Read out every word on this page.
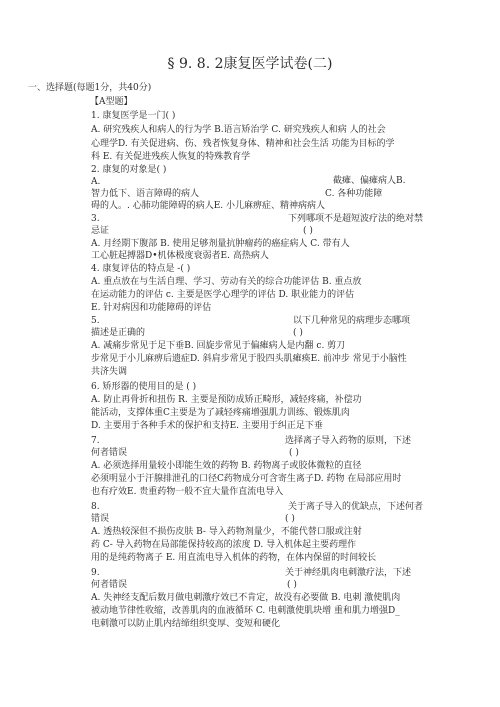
§ 9. 8. 2康复医学试卷(二)
一、选择题(每题1分，共40分)
【A型题】
1. 康复医学是一门( )
A. 研究残疾人和病人的行为学 B.语言矫治学 C. 研究残疾人和病 人的社会
心理学D. 有关促进病、伤、残者恢复身体、精神和社会生活 功能为目标的学
科 E. 有关促进残疾人恢复的特殊教育学
2. 康复的对象是( )
A.	截瘫、偏瘫病人B.
智力低下、语言障碍的病人	C. 各种功能障
碍的人。. 心肺功能障碍的病人E. 小儿麻痹症、精神病病人
3.	下列哪项不是超短波疗法的绝对禁
忌证	( )
A. 月经期下腹部 B. 使用足够剂量抗肿瘤药的癌症病人 C. 带有人
工心脏起搏器D•机体极度衰弱者E. 高热病人
4. 康复评估的特点是 -( )
A. 重点放在与生活自理、学习、劳动有关的综合功能评估 B. 重点放
在运动能力的评估 c. 主要是医学心理学的评估 D. 职业能力的评估
E. 针对病因和功能障碍的评估
5.	以下几种常见的病理步态哪项
描述是正确的	( )
A. 减痛步常见于足下垂B. 回旋步常见于偏瘫病人是内翻 c. 剪刀
步常见于小儿麻痹后遗症D. 斜肩步常见于股四头肌瘫痪E. 前冲步 常见于小脑性
共济失调
6. 矫形器的使用目的是 ( )
A. 防止再骨折和扭伤 R. 主要是预防成矫正畸形，减轻疼痛，补偿功
能活动，支撑体重C主要是为了减轻疼痛增强肌力训练、锻炼肌肉
D. 主要用于各种手术的保护和支持E. 主要用于纠正足下垂
7.	选择离子导入药物的原则，下述
何者错误	( )
A. 必须选择用量较小即能生效的药物 B. 药物离子或胶体微粒的直径
必须明显小于汗腺排泄孔的口径C药物成分可含寄生离子D. 药物 在局部应用时
也有疗效E. 贵重药物一般不宜大量作直流电导入
8.	关于离子导入的优缺点，下述何者
错误	( )
A. 透热较深但不损伤皮肤 B- 导入药物剂量少，不能代替口服或注射
药 C- 导入药物在局部能保持较高的浓度 D. 导入机体起主要药理作
用的是纯药物离子 E. 用直流电导入机体的药物，在体内保留的时间较长
9.	关于神经肌肉电刺激疗法，下述
何者错误	( )
A. 失神经支配后数月做电刺激疗效已不肯定，故没有必要做 B. 电刺 激使肌肉
被动地节律性收缩，改善肌肉的血液循环 C. 电刺激使肌块增 重和肌力增强D_
电刺激可以防止肌内结缔组织变厚、变短和硬化
